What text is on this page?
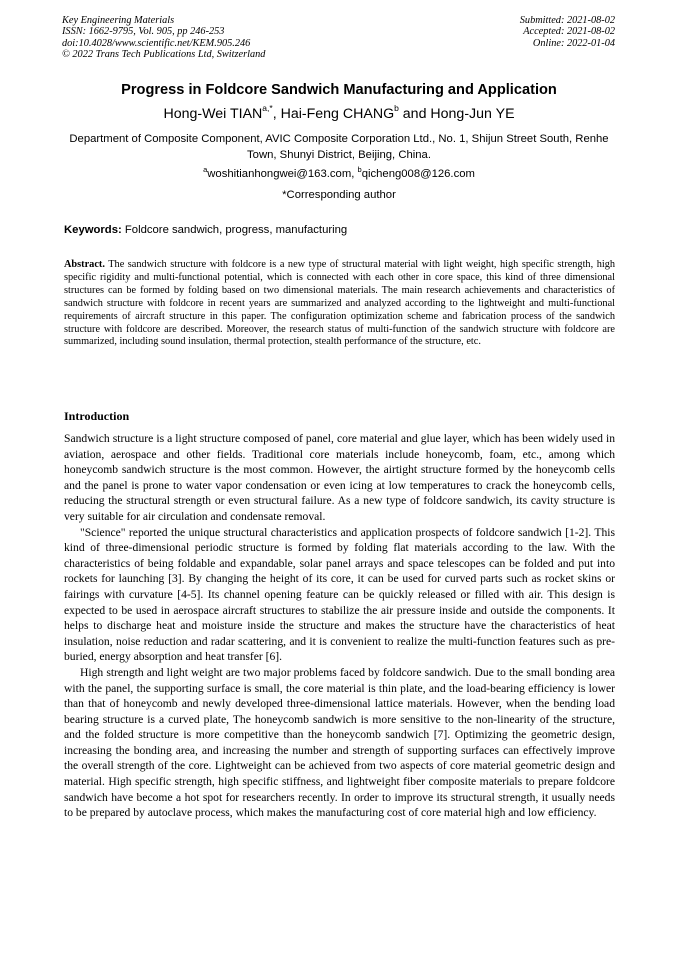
Key Engineering Materials
ISSN: 1662-9795, Vol. 905, pp 246-253
doi:10.4028/www.scientific.net/KEM.905.246
© 2022 Trans Tech Publications Ltd, Switzerland
Submitted: 2021-08-02
Accepted: 2021-08-02
Online: 2022-01-04
Progress in Foldcore Sandwich Manufacturing and Application
Hong-Wei $TIAN^{a,*}$, Hai-Feng CHANG$^b$ and Hong-Jun YE
Department of Composite Component, AVIC Composite Corporation Ltd., No. 1, Shijun Street South, Renhe Town, Shunyi District, Beijing, China.
$^a$woshitianhongwei@163.com, $^b$qicheng008@126.com
*Corresponding author
Keywords: Foldcore sandwich, progress, manufacturing
Abstract. The sandwich structure with foldcore is a new type of structural material with light weight, high specific strength, high specific rigidity and multi-functional potential, which is connected with each other in core space, this kind of three dimensional structures can be formed by folding based on two dimensional materials. The main research achievements and characteristics of sandwich structure with foldcore in recent years are summarized and analyzed according to the lightweight and multi-functional requirements of aircraft structure in this paper. The configuration optimization scheme and fabrication process of the sandwich structure with foldcore are described. Moreover, the research status of multi-function of the sandwich structure with foldcore are summarized, including sound insulation, thermal protection, stealth performance of the structure, etc.
Introduction

Sandwich structure is a light structure composed of panel, core material and glue layer, which has been widely used in aviation, aerospace and other fields. Traditional core materials include honeycomb, foam, etc., among which honeycomb sandwich structure is the most common. However, the airtight structure formed by the honeycomb cells and the panel is prone to water vapor condensation or even icing at low temperatures to crack the honeycomb cells, reducing the structural strength or even structural failure. As a new type of foldcore sandwich, its cavity structure is very suitable for air circulation and condensate removal.

"Science" reported the unique structural characteristics and application prospects of foldcore sandwich [1-2]. This kind of three-dimensional periodic structure is formed by folding flat materials according to the law. With the characteristics of being foldable and expandable, solar panel arrays and space telescopes can be folded and put into rockets for launching [3]. By changing the height of its core, it can be used for curved parts such as rocket skins or fairings with curvature [4-5]. Its channel opening feature can be quickly released or filled with air. This design is expected to be used in aerospace aircraft structures to stabilize the air pressure inside and outside the components. It helps to discharge heat and moisture inside the structure and makes the structure have the characteristics of heat insulation, noise reduction and radar scattering, and it is convenient to realize the multi-function features such as pre-buried, energy absorption and heat transfer [6].

High strength and light weight are two major problems faced by foldcore sandwich. Due to the small bonding area with the panel, the supporting surface is small, the core material is thin plate, and the load-bearing efficiency is lower than that of honeycomb and newly developed three-dimensional lattice materials. However, when the bending load bearing structure is a curved plate, The honeycomb sandwich is more sensitive to the non-linearity of the structure, and the folded structure is more competitive than the honeycomb sandwich [7]. Optimizing the geometric design, increasing the bonding area, and increasing the number and strength of supporting surfaces can effectively improve the overall strength of the core. Lightweight can be achieved from two aspects of core material geometric design and material. High specific strength, high specific stiffness, and lightweight fiber composite materials to prepare foldcore sandwich have become a hot spot for researchers recently. In order to improve its structural strength, it usually needs to be prepared by autoclave process, which makes the manufacturing cost of core material high and low efficiency.
